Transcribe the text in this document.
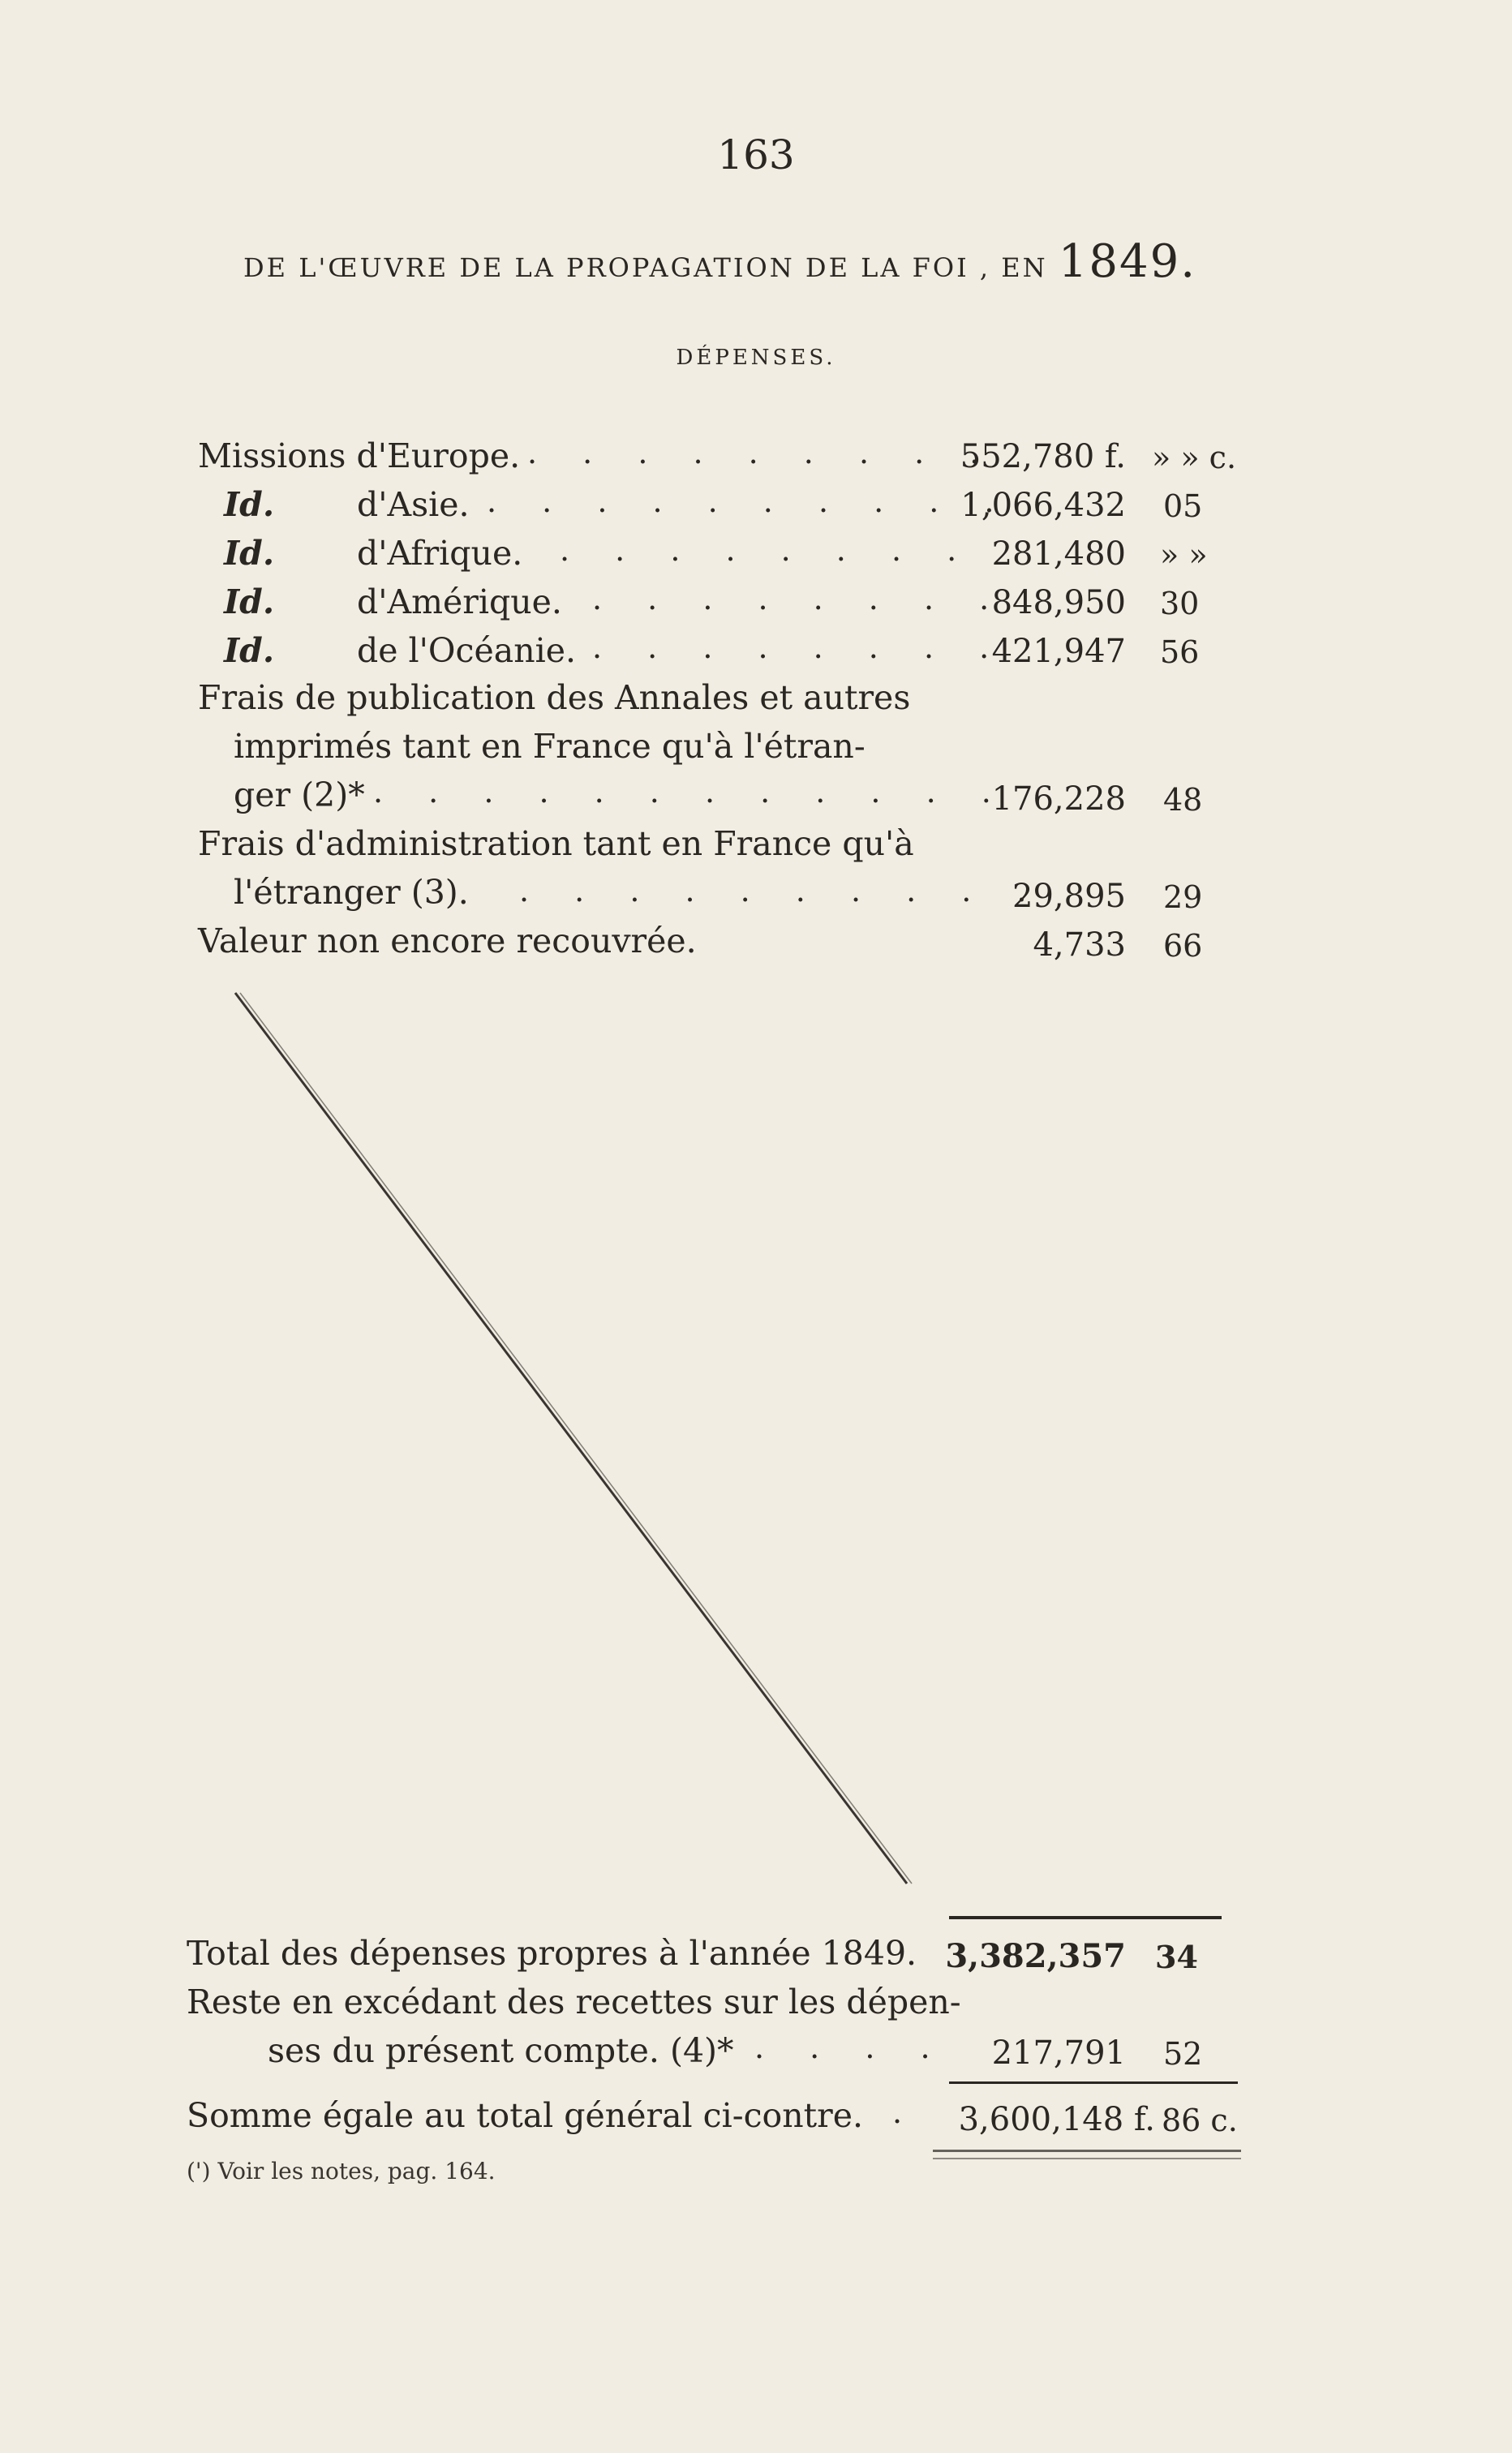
163
DE L'ŒUVRE DE LA PROPAGATION DE LA FOI , EN 1849.
DÉPENSES.
Missions d'Europe. . . . . . . . . .
552,780 f. » » c.
Id. d'Asie. . . . . . . . . . .
1,066,432 05
Id. d'Afrique. . . . . . . . . 281,480 » »
Id. d'Amérique. . . . . . . . .
848,950 30
Id. de l'Océanie. . . . . . . . .
421,947 56
Frais de publication des Annales et autres
imprimés tant en France qu'à l'étran-
ger (2)* . . . . . . . . . . . .
176,228 48
Frais d'administration tant en France qu'à
l'étranger (3). . . . . . . . . . .
29,895 29
Valeur non encore recouvrée.	4,733 66
Total des dépenses propres à l'année 1849. 3,382,357 34
Reste en excédant des recettes sur les dépen-
ses du présent compte. (4)* . . . . 217,791 52
Somme égale au total général ci-contre. . 3,600,148 f. 86 c.
(') Voir les notes, pag. 164.
